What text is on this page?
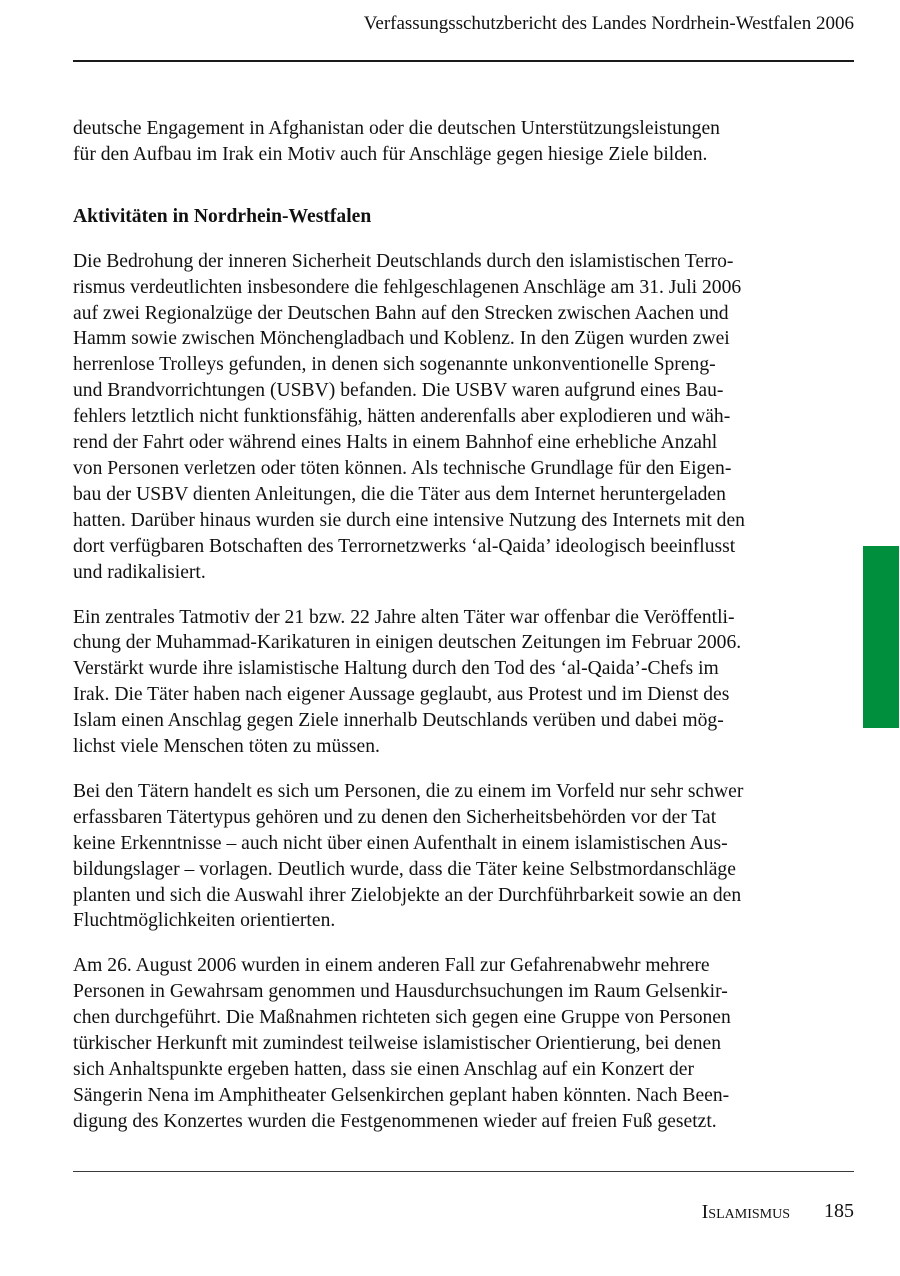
Verfassungsschutzbericht des Landes Nordrhein-Westfalen 2006

deutsche Engagement in Afghanistan oder die deutschen Unterstützungsleistungen
für den Aufbau im Irak ein Motiv auch für Anschläge gegen hiesige Ziele bilden.

Aktivitäten in Nordrhein-Westfalen

Die Bedrohung der inneren Sicherheit Deutschlands durch den islamistischen Terro-
rismus verdeutlichten insbesondere die fehlgeschlagenen Anschläge am 31. Juli 2006
auf zwei Regionalzüge der Deutschen Bahn auf den Strecken zwischen Aachen und
Hamm sowie zwischen Mönchengladbach und Koblenz. In den Zügen wurden zwei
herrenlose Trolleys gefunden, in denen sich sogenannte unkonventionelle Spreng-
und Brandvorrichtungen (USBV) befanden. Die USBV waren aufgrund eines Bau-
fehlers letztlich nicht funktionsfähig, hätten anderenfalls aber explodieren und wäh-
rend der Fahrt oder während eines Halts in einem Bahnhof eine erhebliche Anzahl
von Personen verletzen oder töten können. Als technische Grundlage für den Eigen-
bau der USBV dienten Anleitungen, die die Täter aus dem Internet heruntergeladen
hatten. Darüber hinaus wurden sie durch eine intensive Nutzung des Internets mit den
dort verfügbaren Botschaften des Terrornetzwerks ‘al-Qaida’ ideologisch beeinflusst
und radikalisiert.

Ein zentrales Tatmotiv der 21 bzw. 22 Jahre alten Täter war offenbar die Veröffentli-
chung der Muhammad-Karikaturen in einigen deutschen Zeitungen im Februar 2006.
Verstärkt wurde ihre islamistische Haltung durch den Tod des ‘al-Qaida’-Chefs im
Irak. Die Täter haben nach eigener Aussage geglaubt, aus Protest und im Dienst des
Islam einen Anschlag gegen Ziele innerhalb Deutschlands verüben und dabei mög-
lichst viele Menschen töten zu müssen.

Bei den Tätern handelt es sich um Personen, die zu einem im Vorfeld nur sehr schwer
erfassbaren Tätertypus gehören und zu denen den Sicherheitsbehörden vor der Tat
keine Erkenntnisse – auch nicht über einen Aufenthalt in einem islamistischen Aus-
bildungslager – vorlagen. Deutlich wurde, dass die Täter keine Selbstmordanschläge
planten und sich die Auswahl ihrer Zielobjekte an der Durchführbarkeit sowie an den
Fluchtmöglichkeiten orientierten.

Am 26. August 2006 wurden in einem anderen Fall zur Gefahrenabwehr mehrere
Personen in Gewahrsam genommen und Hausdurchsuchungen im Raum Gelsenkir-
chen durchgeführt. Die Maßnahmen richteten sich gegen eine Gruppe von Personen
türkischer Herkunft mit zumindest teilweise islamistischer Orientierung, bei denen
sich Anhaltspunkte ergeben hatten, dass sie einen Anschlag auf ein Konzert der
Sängerin Nena im Amphitheater Gelsenkirchen geplant haben könnten. Nach Been-
digung des Konzertes wurden die Festgenommenen wieder auf freien Fuß gesetzt.

Islamismus 185
